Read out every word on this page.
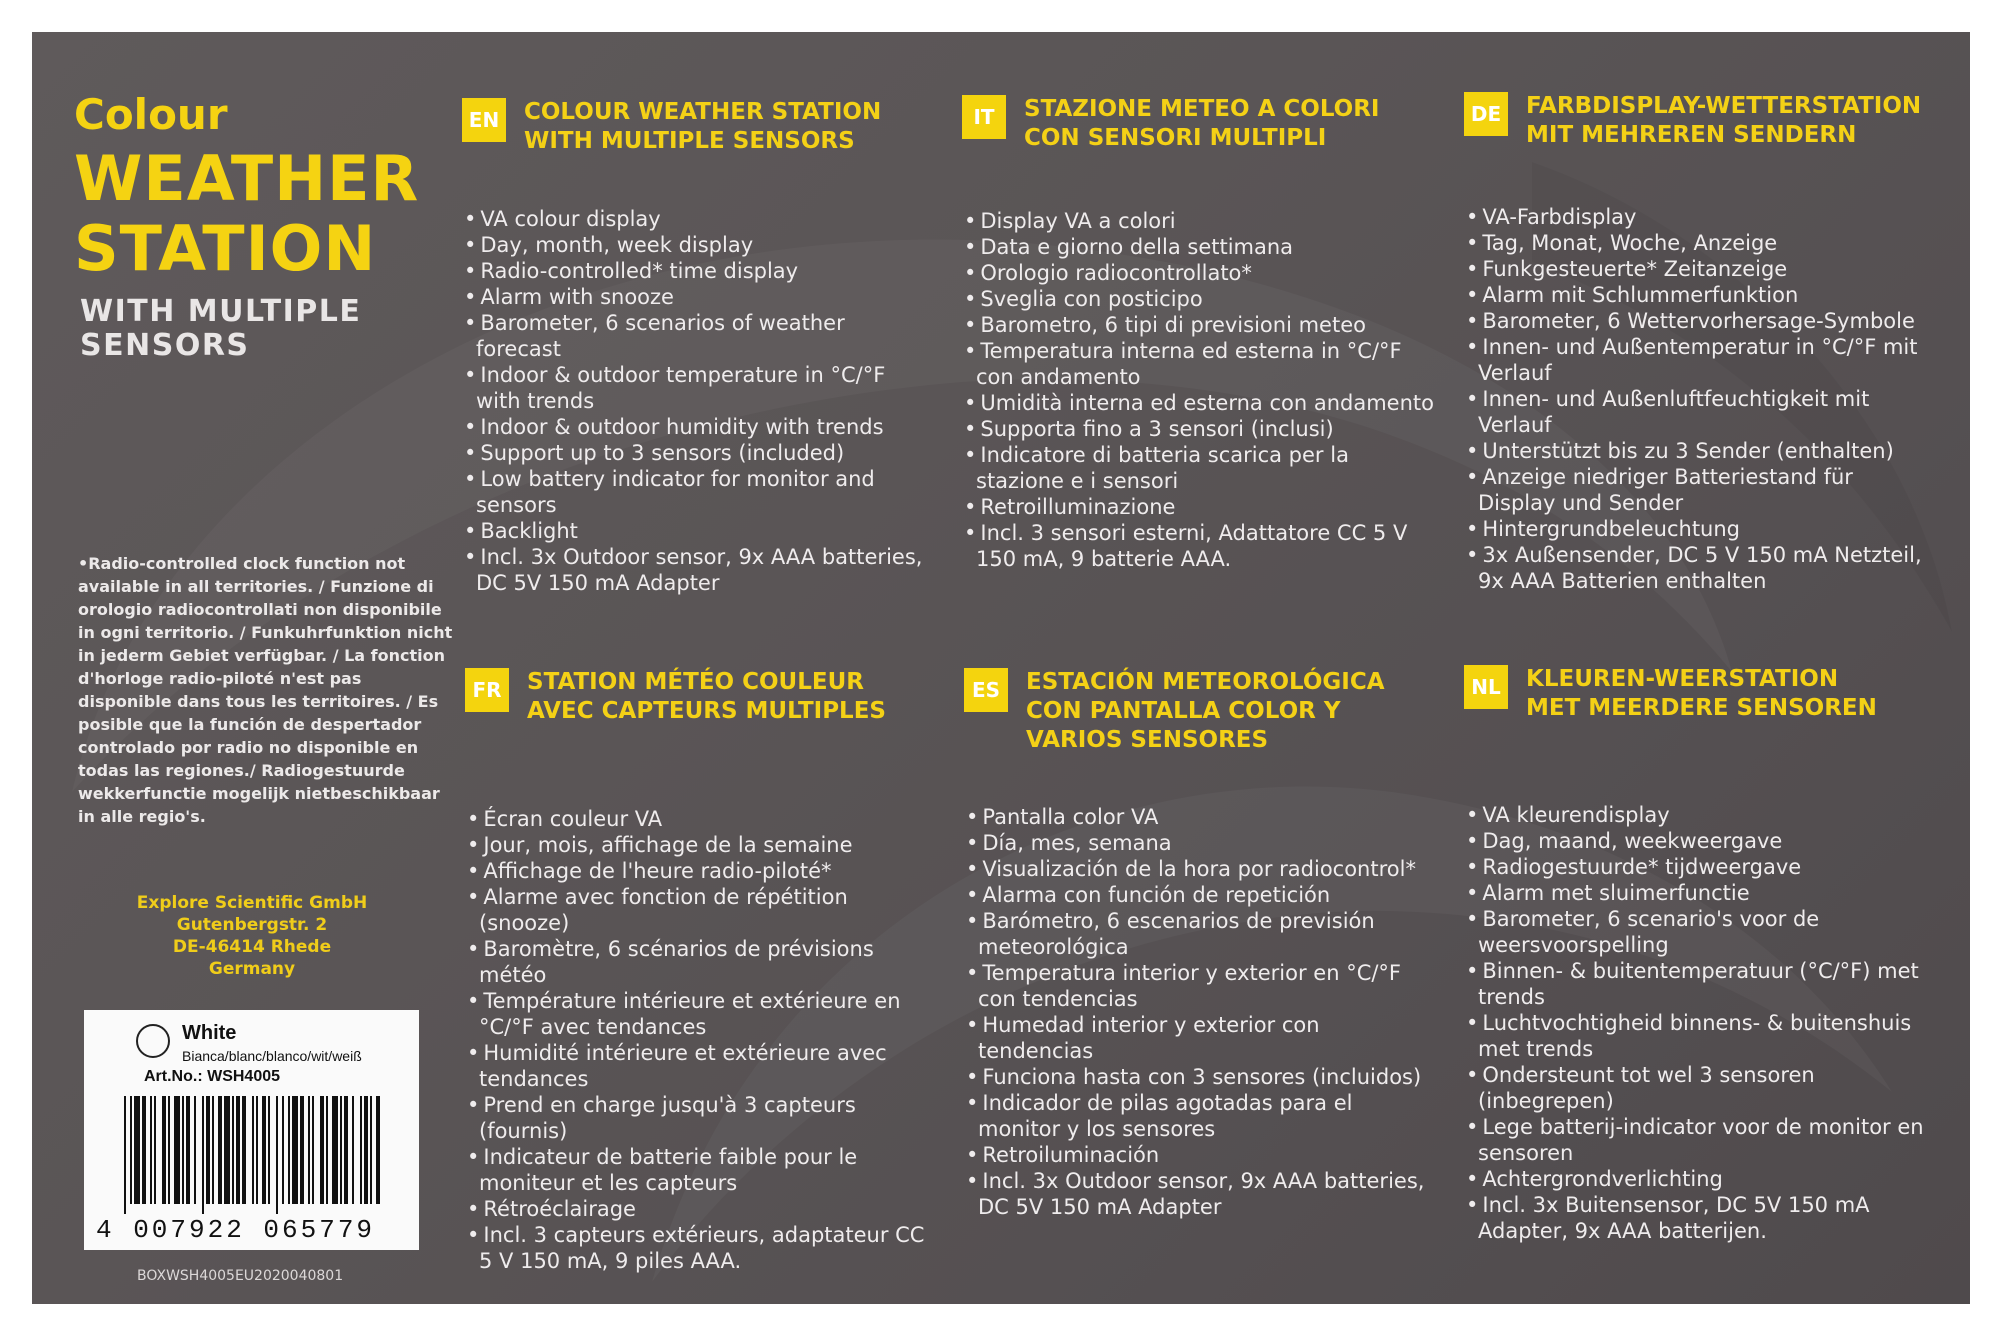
Colour
WEATHER
STATION
WITH MULTIPLE
SENSORS

•Radio-controlled clock function not available in all territories. / Funzione di orologio radiocontrollati non disponibile in ogni territorio. / Funkuhrfunktion nicht in jederm Gebiet verfügbar. / La fonction d'horloge radio-piloté n'est pas disponible dans tous les territoires. / Es posible que la función de despertador controlado por radio no disponible en todas las regiones./ Radiogestuurde wekkerfunctie mogelijk nietbeschikbaar in alle regio's.

Explore Scientific GmbH
Gutenbergstr. 2
DE-46414 Rhede
Germany
White
Bianca/blanc/blanco/wit/weiß
Art.No.: WSH4005
4 007922 065779
BOXWSH4005EU2020040801
EN COLOUR WEATHER STATION
WITH MULTIPLE SENSORS
• VA colour display
• Day, month, week display
• Radio-controlled* time display
• Alarm with snooze
• Barometer, 6 scenarios of weather forecast
• Indoor & outdoor temperature in °C/°F with trends
• Indoor & outdoor humidity with trends
• Support up to 3 sensors (included)
• Low battery indicator for monitor and sensors
• Backlight
• Incl. 3x Outdoor sensor, 9x AAA batteries, DC 5V 150 mA Adapter
IT	STAZIONE METEO A COLORI
CON SENSORI MULTIPLI
• Display VA a colori
• Data e giorno della settimana
• Orologio radiocontrollato*
• Sveglia con posticipo
• Barometro, 6 tipi di previsioni meteo
• Temperatura interna ed esterna in °C/°F con andamento
• Umidità interna ed esterna con andamento
• Supporta fino a 3 sensori (inclusi)
• Indicatore di batteria scarica per la stazione e i sensori
• Retroilluminazione
• Incl. 3 sensori esterni, Adattatore CC 5 V 150 mA, 9 batterie AAA.
DE FARBDISPLAY-WETTERSTATION
MIT MEHREREN SENDERN
• VA-Farbdisplay
• Tag, Monat, Woche, Anzeige
• Funkgesteuerte* Zeitanzeige
• Alarm mit Schlummerfunktion
• Barometer, 6 Wettervorhersage-Symbole
• Innen- und Außentemperatur in °C/°F mit Verlauf
• Innen- und Außenluftfeuchtigkeit mit Verlauf
• Unterstützt bis zu 3 Sender (enthalten)
• Anzeige niedriger Batteriestand für Display und Sender
• Hintergrundbeleuchtung
• 3x Außensender, DC 5 V 150 mA Netzteil, 9x AAA Batterien enthalten
FR	STATION MÉTÉO COULEUR
AVEC CAPTEURS MULTIPLES
• Écran couleur VA
• Jour, mois, affichage de la semaine
• Affichage de l'heure radio-piloté*
• Alarme avec fonction de répétition (snooze)
• Baromètre, 6 scénarios de prévisions météo
• Température intérieure et extérieure en °C/°F avec tendances
• Humidité intérieure et extérieure avec tendances
• Prend en charge jusqu'à 3 capteurs (fournis)
• Indicateur de batterie faible pour le moniteur et les capteurs
• Rétroéclairage
• Incl. 3 capteurs extérieurs, adaptateur CC 5 V 150 mA, 9 piles AAA.
ES	ESTACIÓN METEOROLÓGICA
CON PANTALLA COLOR Y
VARIOS SENSORES
• Pantalla color VA
• Día, mes, semana
• Visualización de la hora por radiocontrol*
• Alarma con función de repetición
• Barómetro, 6 escenarios de previsión meteorológica
• Temperatura interior y exterior en °C/°F con tendencias
• Humedad interior y exterior con tendencias
• Funciona hasta con 3 sensores (incluidos)
• Indicador de pilas agotadas para el monitor y los sensores
• Retroiluminación
• Incl. 3x Outdoor sensor, 9x AAA batteries, DC 5V 150 mA Adapter
NL	KLEUREN-WEERSTATION
MET MEERDERE SENSOREN
• VA kleurendisplay
• Dag, maand, weekweergave
• Radiogestuurde* tijdweergave
• Alarm met sluimerfunctie
• Barometer, 6 scenario's voor de weersvoorspelling
• Binnen- & buitentemperatuur (°C/°F) met trends
• Luchtvochtigheid binnens- & buitenshuis met trends
• Ondersteunt tot wel 3 sensoren (inbegrepen)
• Lege batterij-indicator voor de monitor en sensoren
• Achtergrondverlichting
• Incl. 3x Buitensensor, DC 5V 150 mA Adapter, 9x AAA batterijen.
